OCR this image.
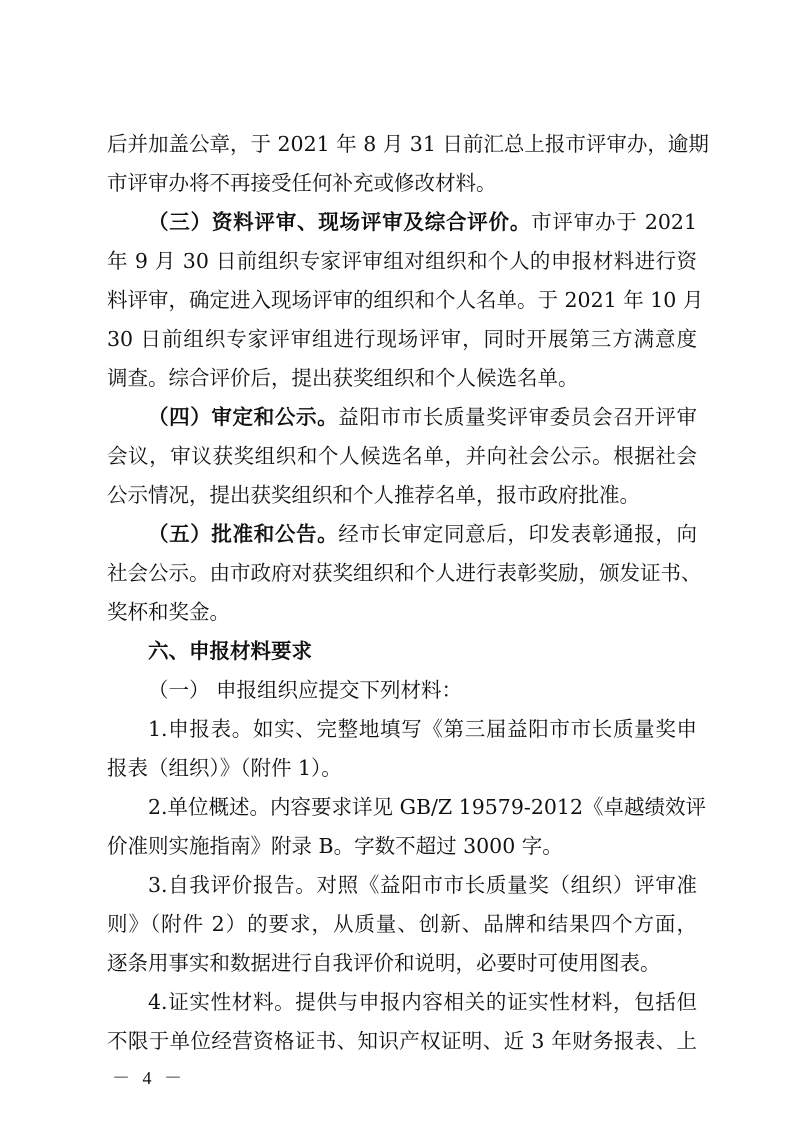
后并加盖公章，于 2021 年 8 月 31 日前汇总上报市评审办，逾期
市评审办将不再接受任何补充或修改材料。
（三）资料评审、现场评审及综合评价。市评审办于 2021
年 9 月 30 日前组织专家评审组对组织和个人的申报材料进行资
料评审，确定进入现场评审的组织和个人名单。于 2021 年 10 月
30 日前组织专家评审组进行现场评审，同时开展第三方满意度
调查。综合评价后，提出获奖组织和个人候选名单。
（四）审定和公示。益阳市市长质量奖评审委员会召开评审
会议，审议获奖组织和个人候选名单，并向社会公示。根据社会
公示情况，提出获奖组织和个人推荐名单，报市政府批准。
（五）批准和公告。经市长审定同意后，印发表彰通报，向
社会公示。由市政府对获奖组织和个人进行表彰奖励，颁发证书、
奖杯和奖金。
六、申报材料要求
（一） 申报组织应提交下列材料：
1.申报表。如实、完整地填写《第三届益阳市市长质量奖申
报表（组织）》（附件 1）。
2.单位概述。内容要求详见 GB/Z 19579-2012《卓越绩效评
价准则实施指南》附录 B。字数不超过 3000 字。
3.自我评价报告。对照《益阳市市长质量奖（组织）评审准
则》（附件 2）的要求，从质量、创新、品牌和结果四个方面，
逐条用事实和数据进行自我评价和说明，必要时可使用图表。
4.证实性材料。提供与申报内容相关的证实性材料，包括但
不限于单位经营资格证书、知识产权证明、近 3 年财务报表、上
－ 4 －
